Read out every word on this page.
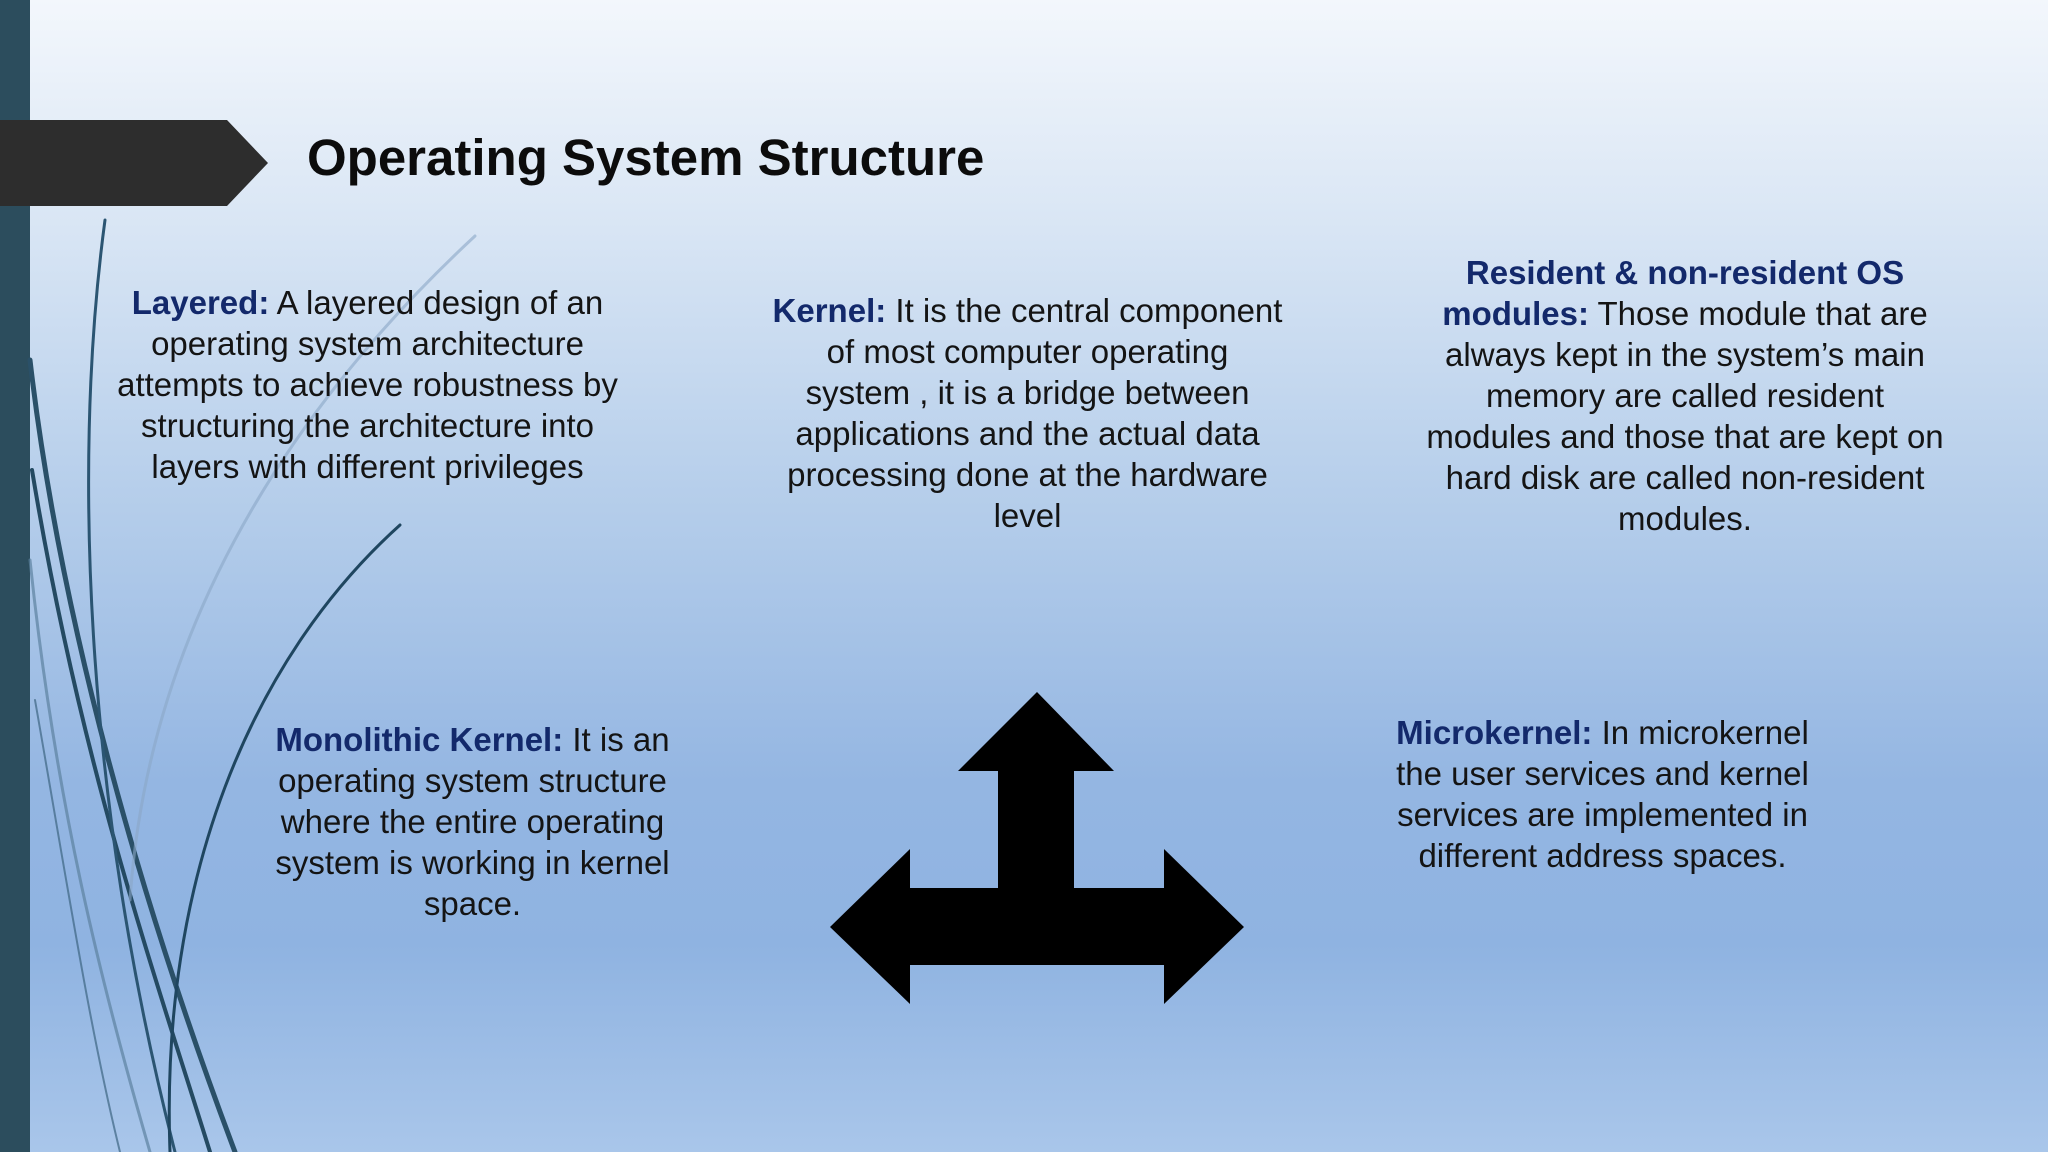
Operating System Structure
Layered: A layered design of an operating system architecture attempts to achieve robustness by structuring the architecture into layers with different privileges
Kernel: It is the central component of most computer operating system , it is a bridge between applications and the actual data processing done at the hardware level
Resident & non-resident OS modules: Those module that are always kept in the system’s main memory are called resident modules and those that are kept on hard disk are called non-resident modules.
Monolithic Kernel: It is an operating system structure where the entire operating system is working in kernel space.
Microkernel: In microkernel the user services and kernel services are implemented in different address spaces.
